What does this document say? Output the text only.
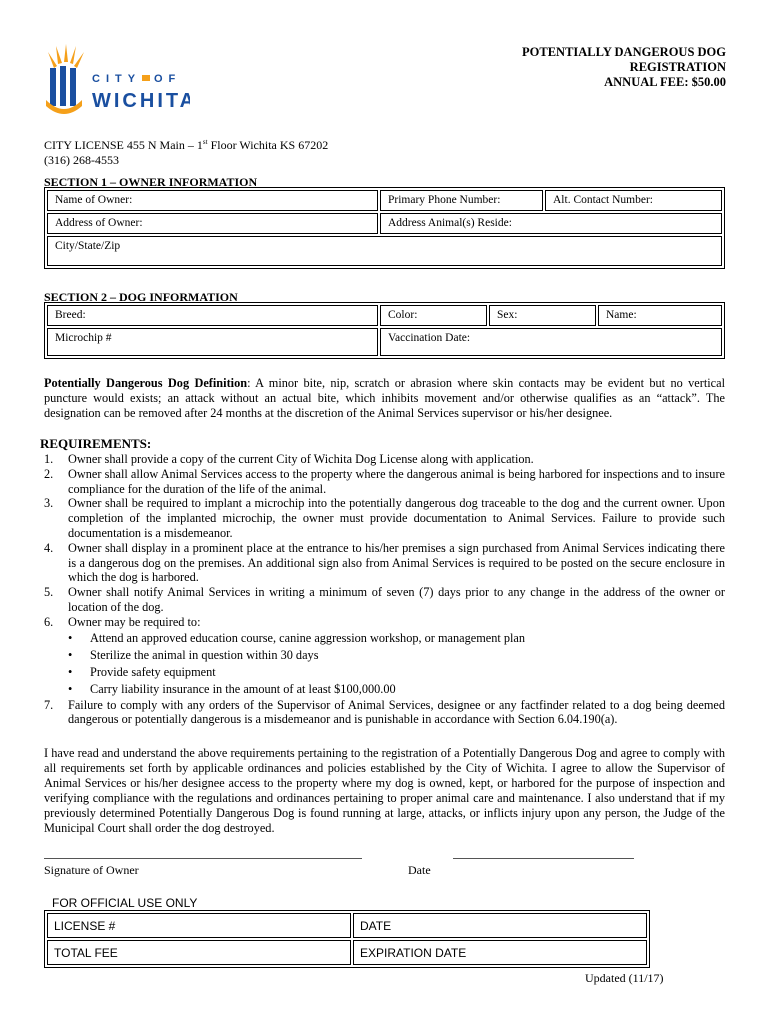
CITY OF
WICHITA
POTENTIALLY DANGEROUS DOG
REGISTRATION
ANNUAL FEE: $50.00
CITY LICENSE 455 N Main – 1st Floor Wichita KS 67202
(316) 268-4553
SECTION 1 – OWNER INFORMATION
Name of Owner:	Primary Phone Number:	Alt. Contact Number:
Address of Owner:	Address Animal(s) Reside:	
City/State/Zip		
SECTION 2 – DOG INFORMATION
Breed:	Color:	Sex:	Name:
Microchip #	Vaccination Date:		
Potentially Dangerous Dog Definition: A minor bite, nip, scratch or abrasion where skin contacts may be evident but no vertical puncture would exists; an attack without an actual bite, which inhibits movement and/or otherwise qualifies as an “attack”. The designation can be removed after 24 months at the discretion of the Animal Services supervisor or his/her designee.
REQUIREMENTS:
1. Owner shall provide a copy of the current City of Wichita Dog License along with application.
2. Owner shall allow Animal Services access to the property where the dangerous animal is being harbored for inspections and to insure compliance for the duration of the life of the animal.
3. Owner shall be required to implant a microchip into the potentially dangerous dog traceable to the dog and the current owner. Upon completion of the implanted microchip, the owner must provide documentation to Animal Services. Failure to provide such documentation is a misdemeanor.
4. Owner shall display in a prominent place at the entrance to his/her premises a sign purchased from Animal Services indicating there is a dangerous dog on the premises. An additional sign also from Animal Services is required to be posted on the secure enclosure in which the dog is harbored.
5. Owner shall notify Animal Services in writing a minimum of seven (7) days prior to any change in the address of the owner or location of the dog.
6. Owner may be required to:
• Attend an approved education course, canine aggression workshop, or management plan
• Sterilize the animal in question within 30 days
• Provide safety equipment
• Carry liability insurance in the amount of at least $100,000.00
7. Failure to comply with any orders of the Supervisor of Animal Services, designee or any factfinder related to a dog being deemed dangerous or potentially dangerous is a misdemeanor and is punishable in accordance with Section 6.04.190(a).
I have read and understand the above requirements pertaining to the registration of a Potentially Dangerous Dog and agree to comply with all requirements set forth by applicable ordinances and policies established by the City of Wichita. I agree to allow the Supervisor of Animal Services or his/her designee access to the property where my dog is owned, kept, or harbored for the purpose of inspection and verifying compliance with the regulations and ordinances pertaining to proper animal care and maintenance. I also understand that if my previously determined Potentially Dangerous Dog is found running at large, attacks, or inflicts injury upon any person, the Judge of the Municipal Court shall order the dog destroyed.
Signature of Owner	Date
FOR OFFICIAL USE ONLY
LICENSE #	DATE
TOTAL FEE	EXPIRATION DATE
Updated (11/17)
